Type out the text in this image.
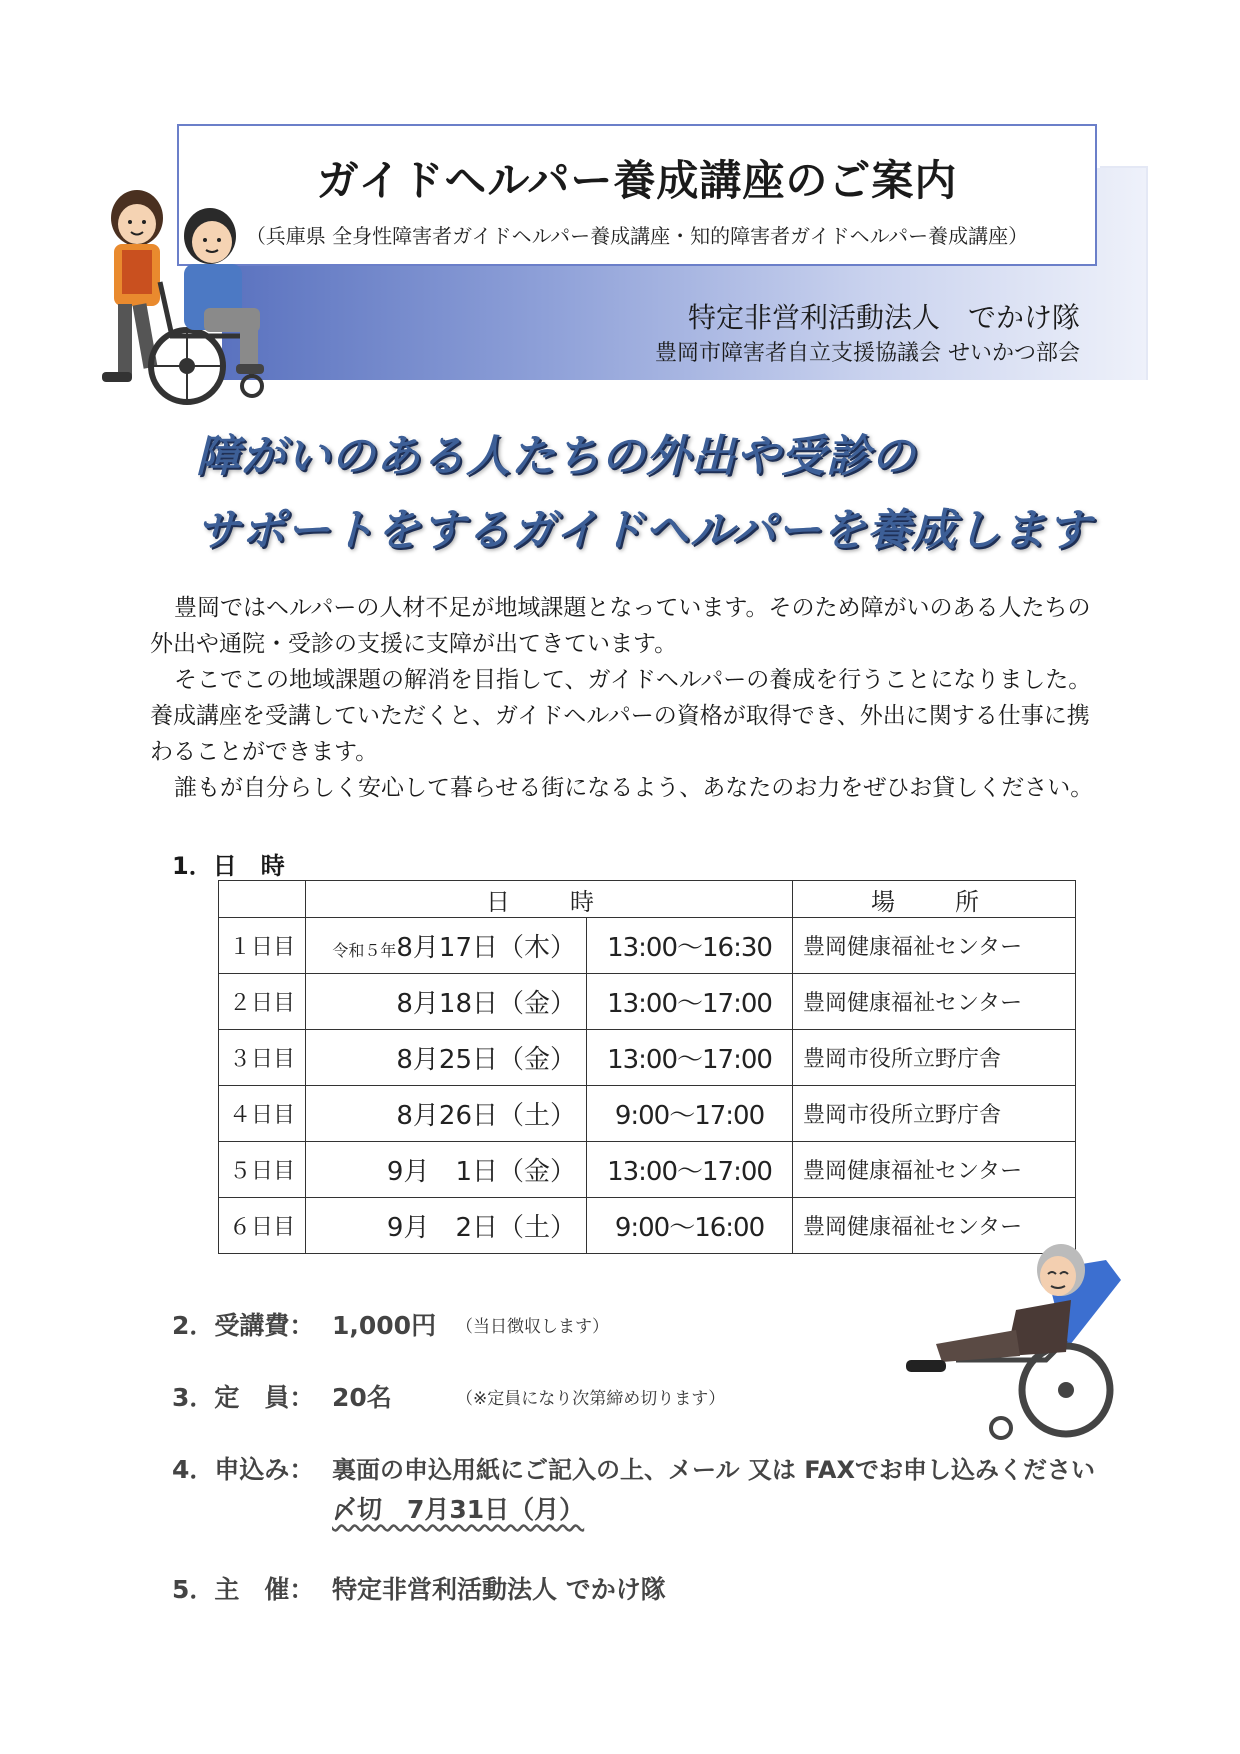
ガイドヘルパー養成講座のご案内
（兵庫県 全身性障害者ガイドヘルパー養成講座・知的障害者ガイドヘルパー養成講座）
特定非営利活動法人　でかけ隊
豊岡市障害者自立支援協議会 せいかつ部会
障がいのある人たちの外出や受診の
サポートをするガイドヘルパーを養成します

豊岡ではヘルパーの人材不足が地域課題となっています。そのため障がいのある人たちの外出や通院・受診の支援に支障が出てきています。

そこでこの地域課題の解消を目指して、ガイドヘルパーの養成を行うことになりました。養成講座を受講していただくと、ガイドヘルパーの資格が取得でき、外出に関する仕事に携わることができます。

誰もが自分らしく安心して暮らせる街になるよう、あなたのお力をぜひお貸しください。

1．日　時
	日　時		場　所
１日目	令和５年8月17日（木）	13:00～16:30	豊岡健康福祉センター
２日目	8月18日（金）	13:00～17:00	豊岡健康福祉センター
３日目	8月25日（金）	13:00～17:00	豊岡市役所立野庁舎
４日目	8月26日（土）	9:00～17:00	豊岡市役所立野庁舎
５日目	9月　1日（金）	13:00～17:00	豊岡健康福祉センター
６日目	9月　2日（土）	9:00～16:00	豊岡健康福祉センター
2．受講費： 1,000円 （当日徴収します）
3．定　員： 20名	（※定員になり次第締め切ります）
4．申込み： 裏面の申込用紙にご記入の上、メール 又は FAXでお申し込みください
〆切　7月31日（月）
5．主　催： 特定非営利活動法人 でかけ隊
